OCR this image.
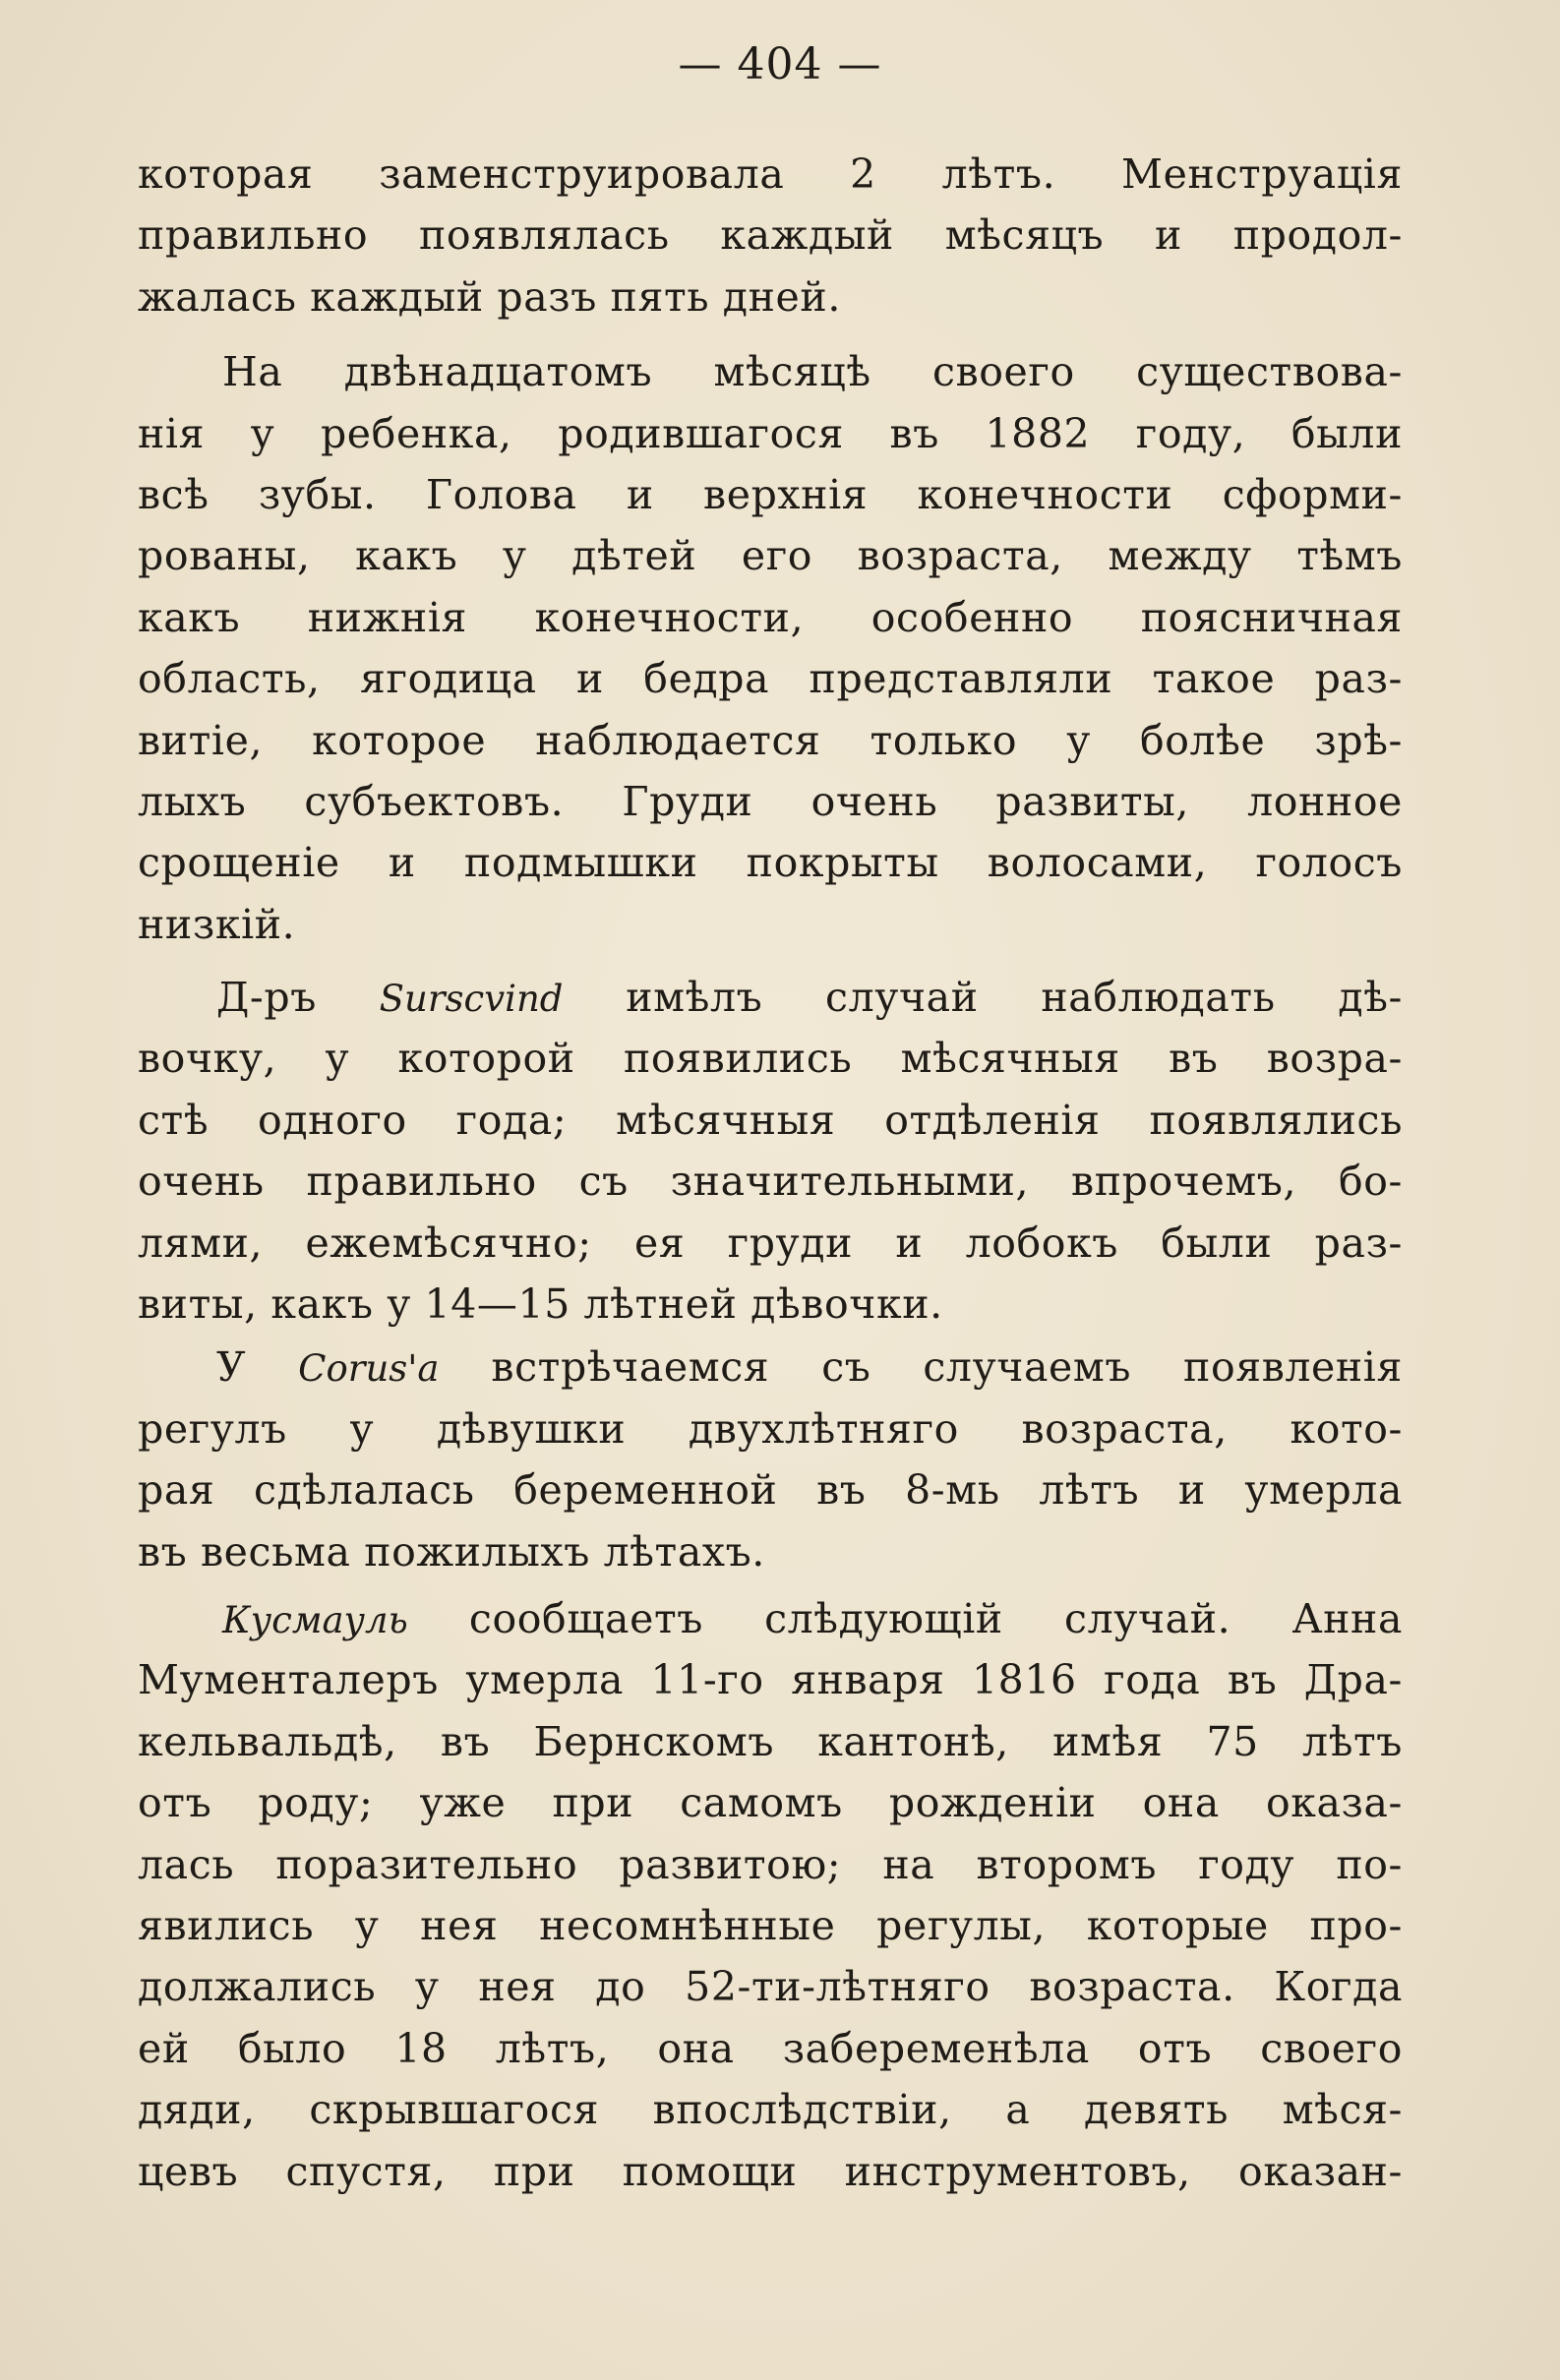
— 404 —
которая заменструировала 2 лѣтъ. Менструація
правильно появлялась каждый мѣсяцъ и продол-
жалась каждый разъ пять дней.
На двѣнадцатомъ мѣсяцѣ своего существова-
нія у ребенка, родившагося въ 1882 году, были
всѣ зубы. Голова и верхнія конечности сформи-
рованы, какъ у дѣтей его возраста, между тѣмъ
какъ нижнія конечности, особенно поясничная
область, ягодица и бедра представляли такое раз-
витіе, которое наблюдается только у болѣе зрѣ-
лыхъ субъектовъ. Груди очень развиты, лонное
срощеніе и подмышки покрыты волосами, голосъ
низкій.
Д-ръ Surscvind имѣлъ случай наблюдать дѣ-
вочку, у которой появились мѣсячныя въ возра-
стѣ одного года; мѣсячныя отдѣленія появлялись
очень правильно съ значительными, впрочемъ, бо-
лями, ежемѣсячно; ея груди и лобокъ были раз-
виты, какъ у 14—15 лѣтней дѣвочки.
У Corus'a встрѣчаемся съ случаемъ появленія
регулъ у дѣвушки двухлѣтняго возраста, кото-
рая сдѣлалась беременной въ 8-мь лѣтъ и умерла
въ весьма пожилыхъ лѣтахъ.
Кусмауль сообщаетъ слѣдующій случай. Анна
Мументалеръ умерла 11-го января 1816 года въ Дра-
кельвальдѣ, въ Бернскомъ кантонѣ, имѣя 75 лѣтъ
отъ роду; уже при самомъ рожденіи она оказа-
лась поразительно развитою; на второмъ году по-
явились у нея несомнѣнные регулы, которые про-
должались у нея до 52-ти-лѣтняго возраста. Когда
ей было 18 лѣтъ, она забеременѣла отъ своего
дяди, скрывшагося впослѣдствіи, а девять мѣся-
цевъ спустя, при помощи инструментовъ, оказан-
